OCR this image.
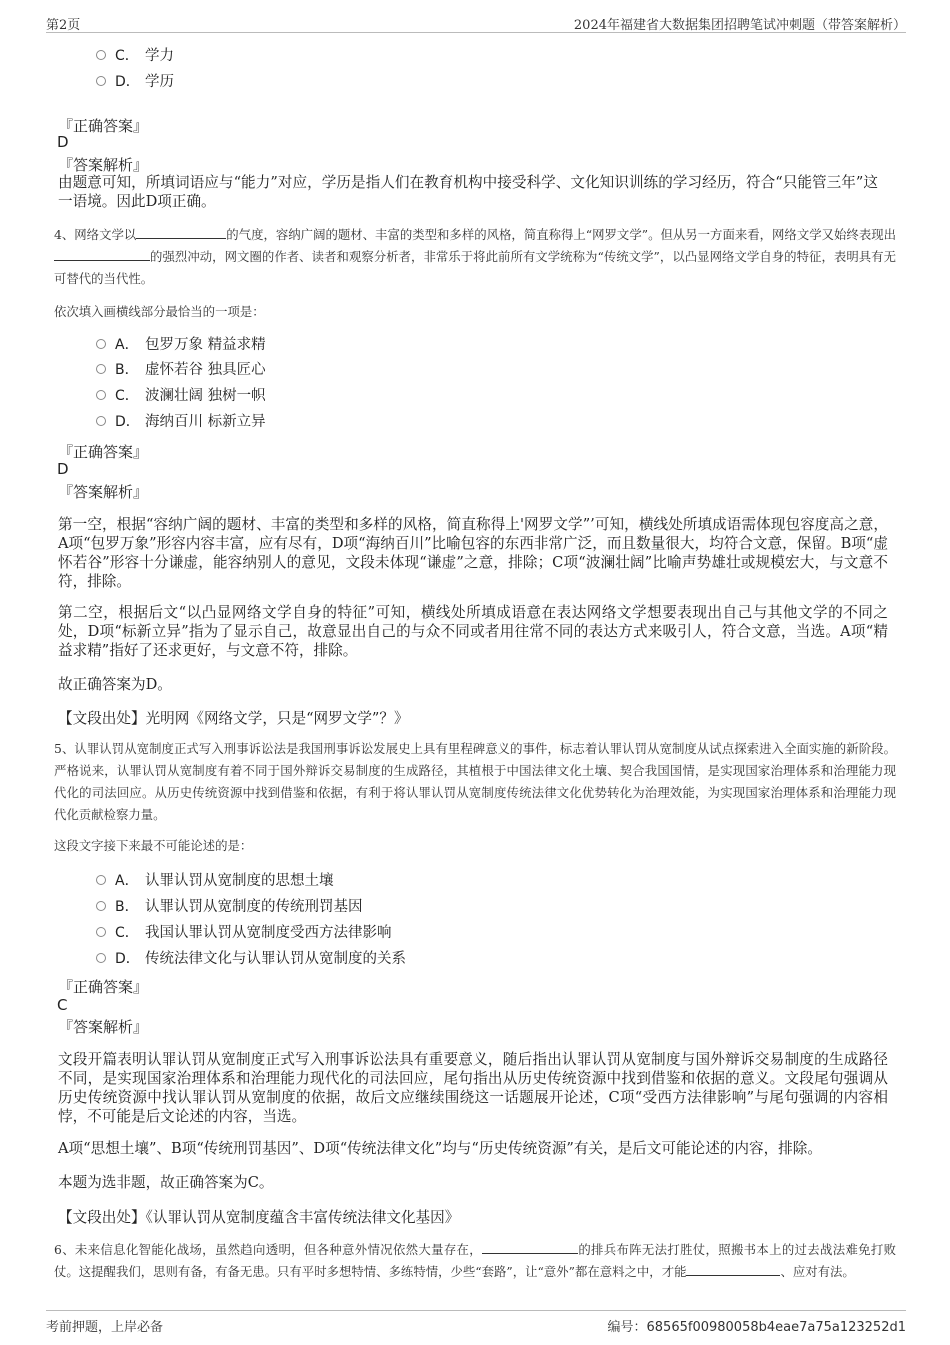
第2页	2024年福建省大数据集团招聘笔试冲刺题（带答案解析）
C． 学力
D． 学历
『正确答案』
D
『答案解析』
由题意可知，所填词语应与“能力”对应，学历是指人们在教育机构中接受科学、文化知识训练的学习经历，符合“只能管三年”这一语境。因此D项正确。
4、网络文学以	的气度，容纳广阔的题材、丰富的类型和多样的风格，简直称得上“网罗文学”。但从另一方面来看，网络文学又始终表现出的强烈冲动，网文圈的作者、读者和观察分析者，非常乐于将此前所有文学统称为“传统文学”，以凸显网络文学自身的特征，表明具有无可替代的当代性。
依次填入画横线部分最恰当的一项是：
A． 包罗万象 精益求精
B． 虚怀若谷 独具匠心
C． 波澜壮阔 独树一帜
D． 海纳百川 标新立异
『正确答案』
D
『答案解析』
第一空，根据“容纳广阔的题材、丰富的类型和多样的风格，简直称得上'网罗文学”’可知，横线处所填成语需体现包容度高之意，A项“包罗万象”形容内容丰富，应有尽有，D项“海纳百川”比喻包容的东西非常广泛，而且数量很大，均符合文意，保留。B项“虚怀若谷”形容十分谦虚，能容纳别人的意见，文段未体现“谦虚”之意，排除；C项“波澜壮阔”比喻声势雄壮或规模宏大，与文意不符，排除。
第二空，根据后文“以凸显网络文学自身的特征”可知，横线处所填成语意在表达网络文学想要表现出自己与其他文学的不同之处，D项“标新立异”指为了显示自己，故意显出自己的与众不同或者用往常不同的表达方式来吸引人，符合文意，当选。A项“精益求精”指好了还求更好，与文意不符，排除。
故正确答案为D。
【文段出处】光明网《网络文学，只是“网罗文学”？》
5、认罪认罚从宽制度正式写入刑事诉讼法是我国刑事诉讼发展史上具有里程碑意义的事件，标志着认罪认罚从宽制度从试点探索进入全面实施的新阶段。严格说来，认罪认罚从宽制度有着不同于国外辩诉交易制度的生成路径，其植根于中国法律文化土壤、契合我国国情，是实现国家治理体系和治理能力现代化的司法回应。从历史传统资源中找到借鉴和依据，有利于将认罪认罚从宽制度传统法律文化优势转化为治理效能，为实现国家治理体系和治理能力现代化贡献检察力量。
这段文字接下来最不可能论述的是：
A． 认罪认罚从宽制度的思想土壤
B． 认罪认罚从宽制度的传统刑罚基因
C． 我国认罪认罚从宽制度受西方法律影响
D． 传统法律文化与认罪认罚从宽制度的关系
『正确答案』
C
『答案解析』
文段开篇表明认罪认罚从宽制度正式写入刑事诉讼法具有重要意义，随后指出认罪认罚从宽制度与国外辩诉交易制度的生成路径不同，是实现国家治理体系和治理能力现代化的司法回应，尾句指出从历史传统资源中找到借鉴和依据的意义。文段尾句强调从历史传统资源中找认罪认罚从宽制度的依据，故后文应继续围绕这一话题展开论述，C项“受西方法律影响”与尾句强调的内容相悖，不可能是后文论述的内容，当选。
A项“思想土壤”、B项“传统刑罚基因”、D项“传统法律文化”均与“历史传统资源”有关，是后文可能论述的内容，排除。
本题为选非题，故正确答案为C。
【文段出处】《认罪认罚从宽制度蕴含丰富传统法律文化基因》
6、未来信息化智能化战场，虽然趋向透明，但各种意外情况依然大量存在，	的排兵布阵无法打胜仗，照搬书本上的过去战法难免打败仗。这提醒我们，思则有备，有备无患。只有平时多想特情、多练特情，少些“套路”，让“意外”都在意料之中，才能	、应对有法。
考前押题，上岸必备	编号：68565f00980058b4eae7a75a123252d1
